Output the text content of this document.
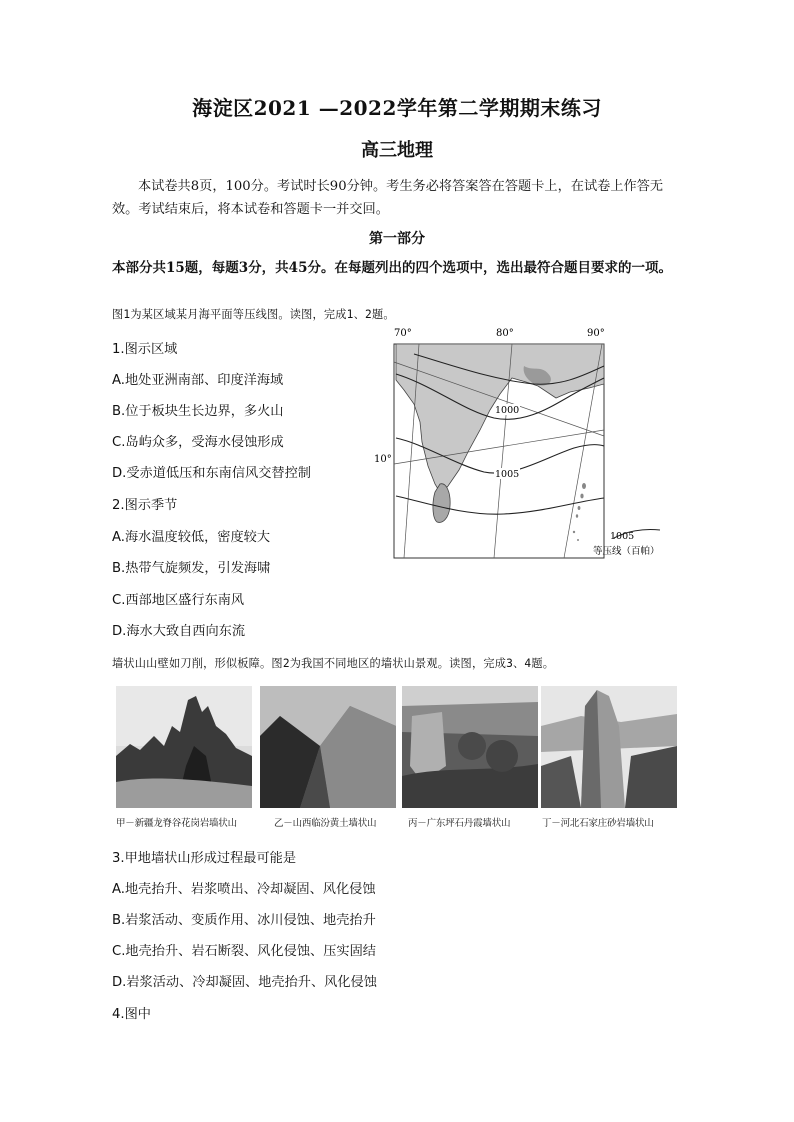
海淀区2021 —2022学年第二学期期末练习
高三地理
本试卷共8页，100分。考试时长90分钟。考生务必将答案答在答题卡上，在试卷上作答无效。考试结束后，将本试卷和答题卡一并交回。
第一部分
本部分共15题，每题3分，共45分。在每题列出的四个选项中，选出最符合题目要求的一项。
图1为某区域某月海平面等压线图。读图，完成1、2题。
1.图示区域
A.地处亚洲南部、印度洋海域
B.位于板块生长边界，多火山
C.岛屿众多，受海水侵蚀形成
D.受赤道低压和东南信风交替控制
2.图示季节
A.海水温度较低，密度较大
B.热带气旋频发，引发海啸
C.西部地区盛行东南风
D.海水大致自西向东流
70°	80°	90°
1000
1005
10°
1005
等压线（百帕）
墙状山山壁如刀削，形似板障。图2为我国不同地区的墙状山景观。读图，完成3、4题。
甲－新疆龙脊谷花岗岩墙状山	乙－山西临汾黄土墙状山	丙－广东坪石丹霞墙状山	丁－河北石家庄砂岩墙状山
3.甲地墙状山形成过程最可能是
A.地壳抬升、岩浆喷出、冷却凝固、风化侵蚀
B.岩浆活动、变质作用、冰川侵蚀、地壳抬升
C.地壳抬升、岩石断裂、风化侵蚀、压实固结
D.岩浆活动、冷却凝固、地壳抬升、风化侵蚀
4.图中
